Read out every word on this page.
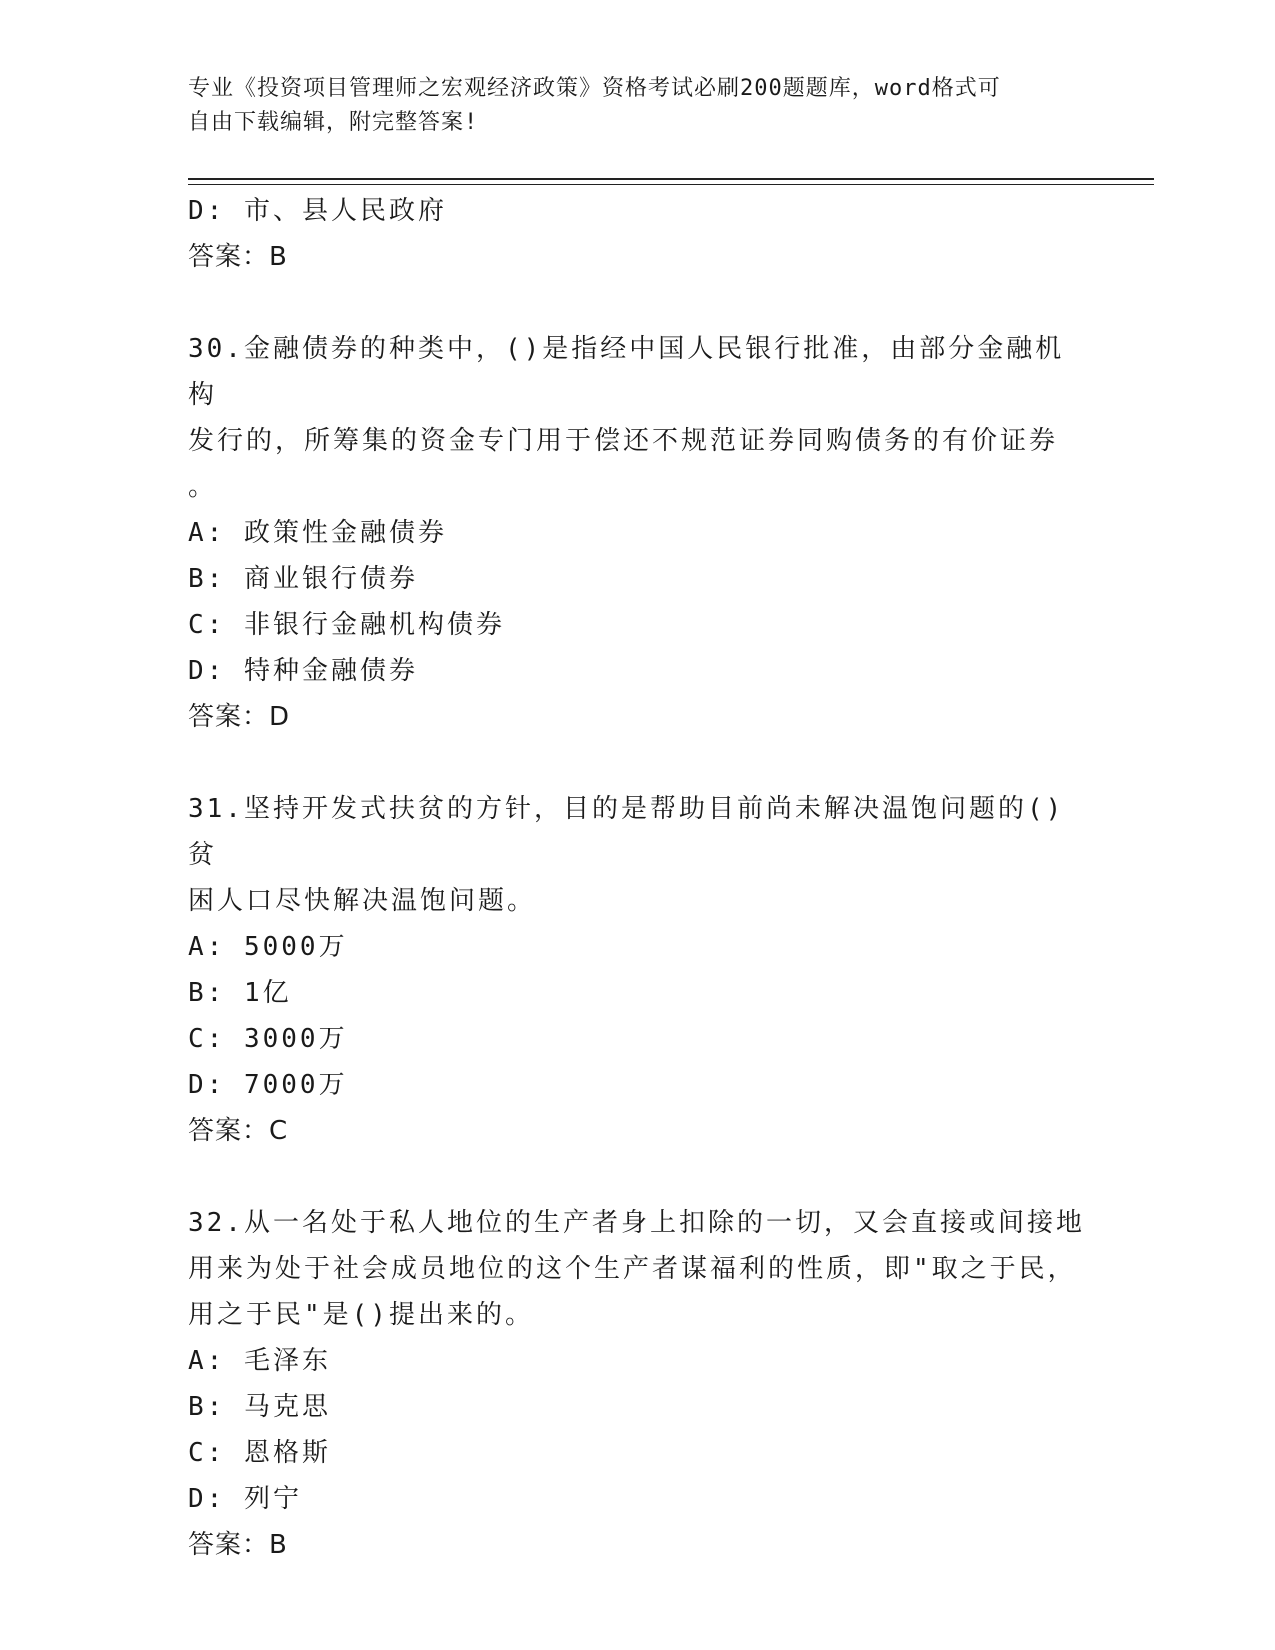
专业《投资项目管理师之宏观经济政策》资格考试必刷200题题库，word格式可
自由下载编辑，附完整答案!
D: 市、县人民政府
答案：B
30.金融债券的种类中，()是指经中国人民银行批准，由部分金融机构
发行的，所筹集的资金专门用于偿还不规范证券同购债务的有价证券
。
A: 政策性金融债券
B: 商业银行债券
C: 非银行金融机构债券
D: 特种金融债券
答案：D
31.坚持开发式扶贫的方针，目的是帮助目前尚未解决温饱问题的()贫
困人口尽快解决温饱问题。
A: 5000万
B: 1亿
C: 3000万
D: 7000万
答案：C
32.从一名处于私人地位的生产者身上扣除的一切，又会直接或间接地
用来为处于社会成员地位的这个生产者谋福利的性质，即"取之于民，
用之于民"是()提出来的。
A: 毛泽东
B: 马克思
C: 恩格斯
D: 列宁
答案：B
